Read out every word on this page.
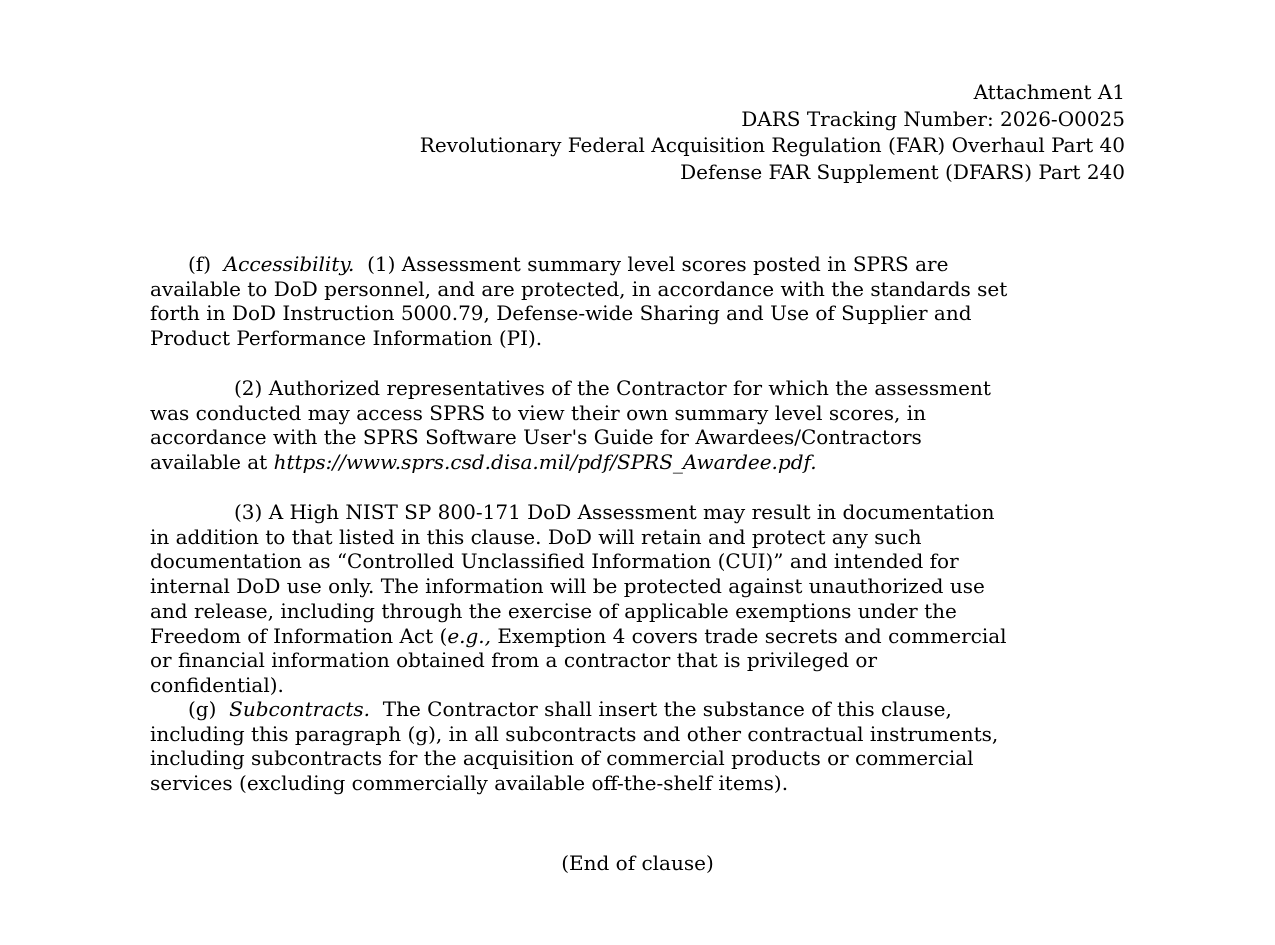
Attachment A1
DARS Tracking Number: 2026-O0025
Revolutionary Federal Acquisition Regulation (FAR) Overhaul Part 40
Defense FAR Supplement (DFARS) Part 240
(f) Accessibility. (1) Assessment summary level scores posted in SPRS are
available to DoD personnel, and are protected, in accordance with the standards set
forth in DoD Instruction 5000.79, Defense-wide Sharing and Use of Supplier and
Product Performance Information (PI).
(2) Authorized representatives of the Contractor for which the assessment
was conducted may access SPRS to view their own summary level scores, in
accordance with the SPRS Software User's Guide for Awardees/Contractors
available at https://www.sprs.csd.disa.mil/pdf/SPRS_Awardee.pdf.
(3) A High NIST SP 800-171 DoD Assessment may result in documentation
in addition to that listed in this clause. DoD will retain and protect any such
documentation as “Controlled Unclassified Information (CUI)” and intended for
internal DoD use only. The information will be protected against unauthorized use
and release, including through the exercise of applicable exemptions under the
Freedom of Information Act (e.g., Exemption 4 covers trade secrets and commercial
or financial information obtained from a contractor that is privileged or
confidential).
(g) Subcontracts. The Contractor shall insert the substance of this clause,
including this paragraph (g), in all subcontracts and other contractual instruments,
including subcontracts for the acquisition of commercial products or commercial
services (excluding commercially available off-the-shelf items).
(End of clause)
